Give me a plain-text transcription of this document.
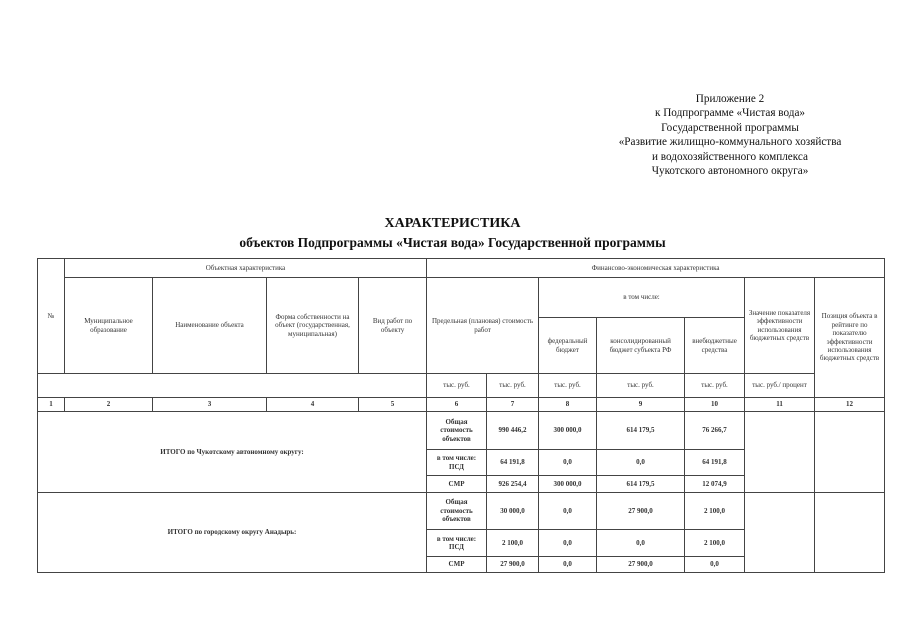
Приложение 2
к Подпрограмме «Чистая вода»
Государственной программы
«Развитие жилищно-коммунального хозяйства
и водохозяйственного комплекса
Чукотского автономного округа»
ХАРАКТЕРИСТИКА
объектов Подпрограммы «Чистая вода» Государственной программы
№	Объектная характеристика				Финансово-экономическая характеристика						
	Муниципальное образование	Наименование объекта	Форма собственности на объект (государственная, муниципальная)	Вид работ по объекту	Предельная (плановая) стоимость работ		в том числе:			Значение показателя эффективности использования бюджетных средств	Позиция объекта в рейтинге по показателю эффективности использования бюджетных средств
							федеральный бюджет	консолидированный бюджет субъекта РФ	внебюджетные средства		
					тыс. руб.	тыс. руб.	тыс. руб.	тыс. руб.	тыс. руб.	тыс. руб./ процент	
1	2	3	4	5	6	7	8	9	10	11	12
ИТОГО по Чукотскому автономному округу:					Общая стоимость объектов	990 446,2	300 000,0	614 179,5	76 266,7		
					в том числе: ПСД	64 191,8	0,0	0,0	64 191,8		
					СМР	926 254,4	300 000,0	614 179,5	12 074,9		
ИТОГО по городскому округу Анадырь:					Общая стоимость объектов	30 000,0	0,0	27 900,0	2 100,0		
					в том числе: ПСД	2 100,0	0,0	0,0	2 100,0		
					СМР	27 900,0	0,0	27 900,0	0,0		
